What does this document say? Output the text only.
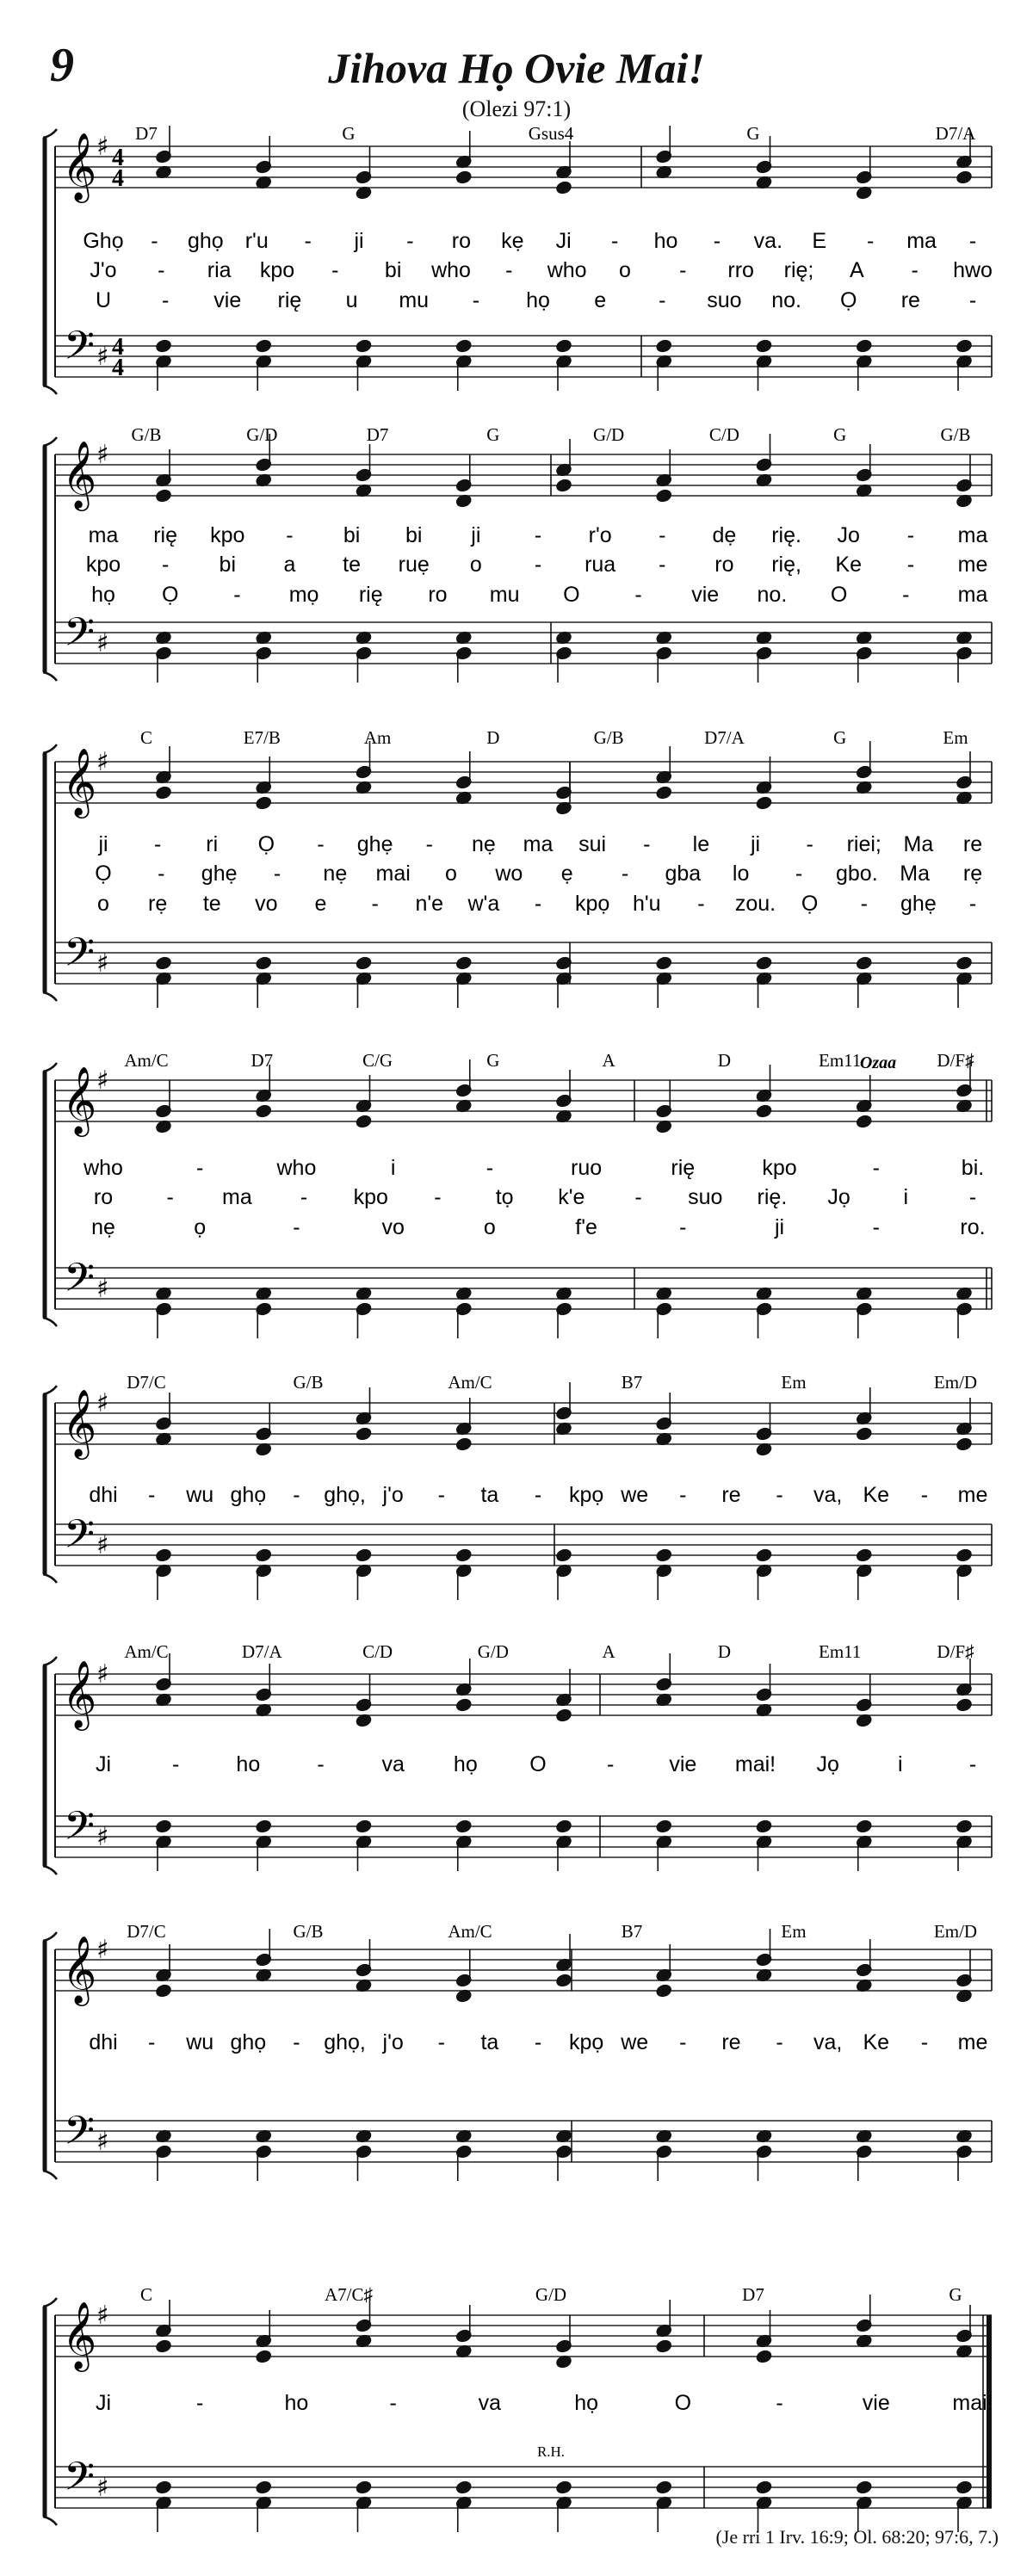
9	Jihova Họ Ovie Mai!
(Olezi 97:1)
𝄞
𝄢
♯
♯
4
4
4
4
D7	G	Gsus4	G	D7/A
Ghọ - ghọ r'u - ji - ro kẹ Ji - ho - va. E - ma -
J'o - ria kpo - bi who - who o - rro rię; A - hwo
U - vie rię u mu - họ e - suo no. Ọ re -
𝄞
𝄢
♯
♯
G/B	G/D	D7	G	G/D	C/D	G	G/B
ma rię kpo - bi bi ji - r'o - dẹ rię. Jo - ma
kpo - bi a te ruẹ o - rua - ro rię, Ke - me
họ Ọ	- mọ rię ro mu O	- vie no. O	- ma
𝄞
𝄢
♯
♯
C	E7/B	Am	D	G/B	D7/A	G	Em
ji - ri Ọ - ghẹ - nẹ ma sui - le ji - riei; Ma re
Ọ - ghẹ - nẹ mai o wo ẹ - gba lo - gbo. Ma rẹ
o rẹ te vo e - n'e w'a - kpọ h'u - zou. Ọ - ghẹ -
𝄞
𝄢
♯
♯
Am/C	D7	C/G	G	A	D	Em11	D/F♯
Ozaa
who	-	who	i	-	ruo	rię	kpo	-	bi.
ro - ma - kpo -	tọ k'e - suo rię. Jọ i	-
nẹ	ọ	-	vo	o	f'e	-	ji	-	ro.
𝄞
𝄢
♯
♯
D7/C	G/B	Am/C	B7	Em	Em/D
dhi - wu ghọ - ghọ, j'o - ta - kpọ we - re - va, Ke - me
𝄞
𝄢
♯
♯
Am/C	D7/A	C/D	G/D	A	D	Em11	D/F♯
Ji	-	ho	-	va họ O	-	vie mai! Jọ	i	-
𝄞
𝄢
♯
♯
D7/C	G/B	Am/C	B7	Em	Em/D
dhi - wu ghọ - ghọ, j'o - ta - kpọ we - re - va, Ke - me
𝄞
𝄢
♯
♯
C	A7/C♯	G/D	D7	G
R.H.
Ji	-	ho	-	va	họ	O	-	vie	mai!
(Je rri 1 Irv. 16:9; Ol. 68:20; 97:6, 7.)
